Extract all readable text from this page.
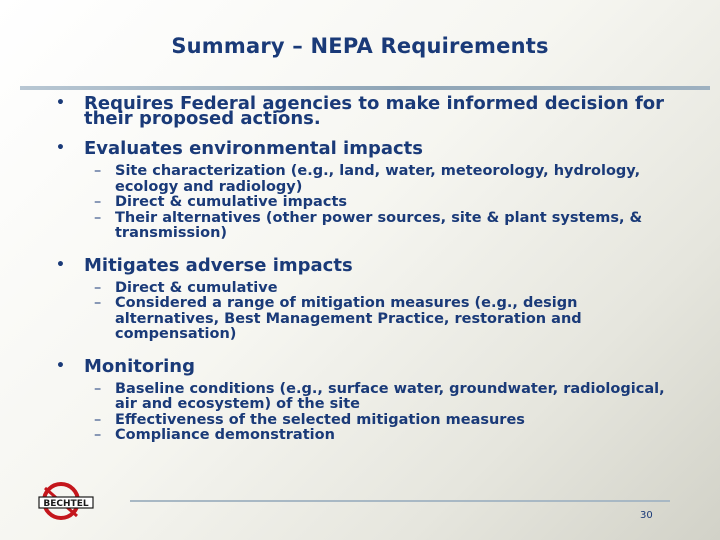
Summary – NEPA Requirements
• Requires Federal agencies to make informed decision for their proposed actions.
• Evaluates environmental impacts
– Site characterization (e.g., land, water, meteorology, hydrology, ecology and radiology)
– Direct & cumulative impacts
– Their alternatives (other power sources, site & plant systems, & transmission)
• Mitigates adverse impacts
– Direct & cumulative
– Considered a range of mitigation measures (e.g., design alternatives, Best Management Practice, restoration and compensation)
• Monitoring
– Baseline conditions (e.g., surface water, groundwater, radiological, air and ecosystem) of the site
– Effectiveness of the selected mitigation measures
– Compliance demonstration
BECHTEL
30
